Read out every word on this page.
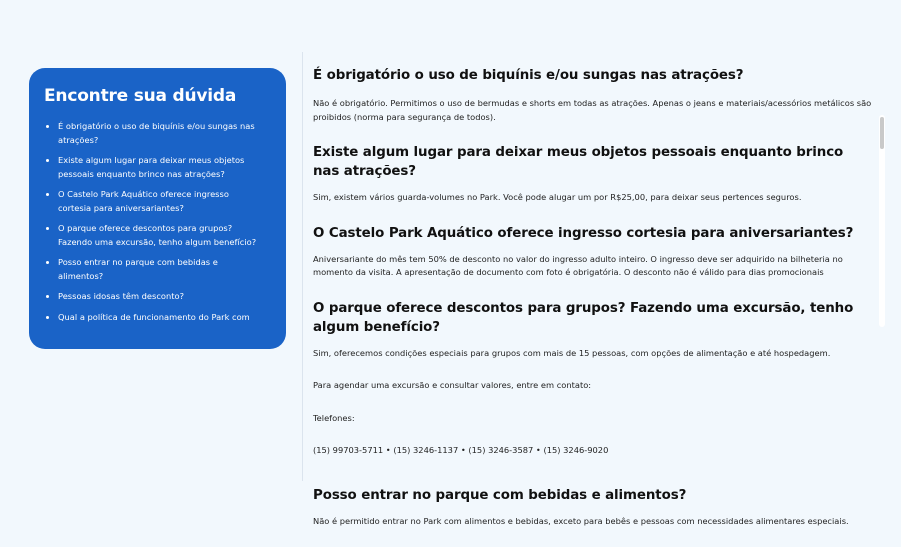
Encontre sua dúvida
• É obrigatório o uso de biquínis e/ou sungas nas atrações?
• Existe algum lugar para deixar meus objetos pessoais enquanto brinco nas atrações?
• O Castelo Park Aquático oferece ingresso cortesia para aniversariantes?
• O parque oferece descontos para grupos? Fazendo uma excursão, tenho algum benefício?
• Posso entrar no parque com bebidas e alimentos?
• Pessoas idosas têm desconto?
• Qual a política de funcionamento do Park com
É obrigatório o uso de biquínis e/ou sungas nas atrações?

Não é obrigatório. Permitimos o uso de bermudas e shorts em todas as atrações. Apenas o jeans e materiais/acessórios metálicos são proibidos (norma para segurança de todos).

Existe algum lugar para deixar meus objetos pessoais enquanto brinco nas atrações?

Sim, existem vários guarda-volumes no Park. Você pode alugar um por R$25,00, para deixar seus pertences seguros.

O Castelo Park Aquático oferece ingresso cortesia para aniversariantes?

Aniversariante do mês tem 50% de desconto no valor do ingresso adulto inteiro. O ingresso deve ser adquirido na bilheteria no momento da visita. A apresentação de documento com foto é obrigatória. O desconto não é válido para dias promocionais

O parque oferece descontos para grupos? Fazendo uma excursão, tenho algum benefício?

Sim, oferecemos condições especiais para grupos com mais de 15 pessoas, com opções de alimentação e até hospedagem.

Para agendar uma excursão e consultar valores, entre em contato:

Telefones:

(15) 99703-5711 • (15) 3246-1137 • (15) 3246-3587 • (15) 3246-9020

Posso entrar no parque com bebidas e alimentos?

Não é permitido entrar no Park com alimentos e bebidas, exceto para bebês e pessoas com necessidades alimentares especiais.
